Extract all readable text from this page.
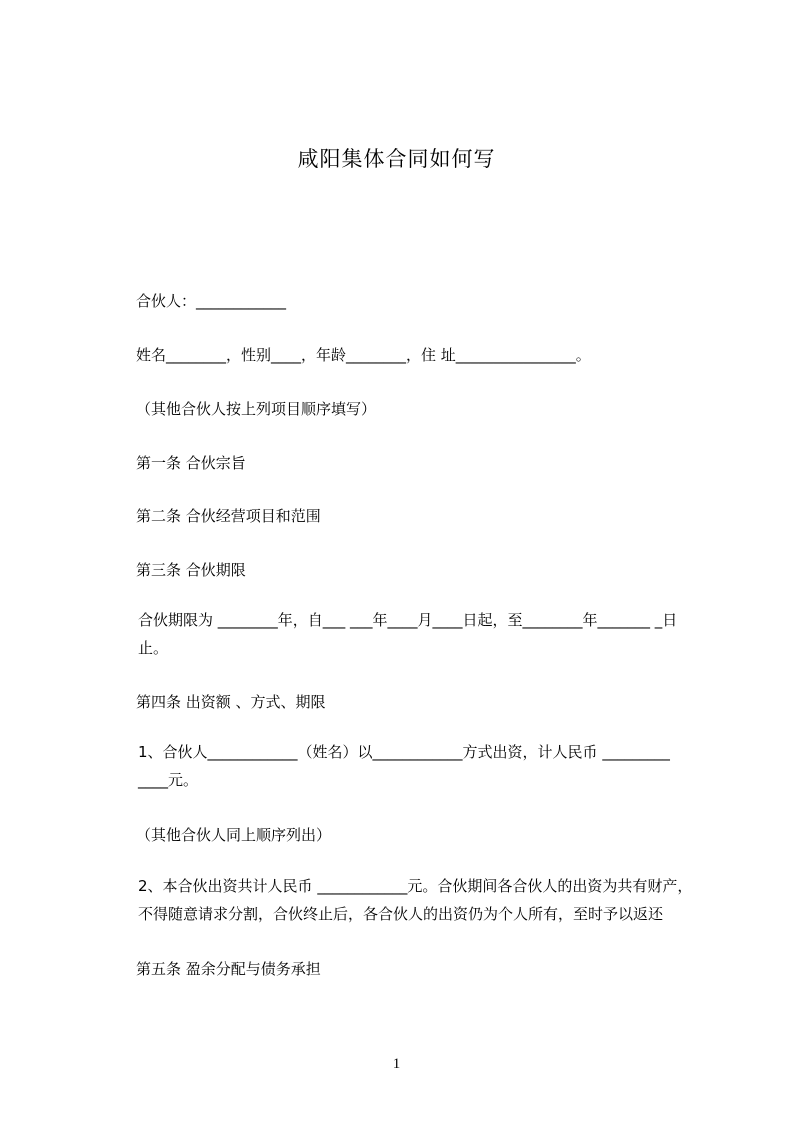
咸阳集体合同如何写
合伙人：____________
姓名________，性别____，年龄________，住 址________________。
（其他合伙人按上列项目顺序填写）
第一条 合伙宗旨
第二条 合伙经营项目和范围
第三条 合伙期限
合伙期限为 ________年，自___ ___年____月____日起，至________年_______ _日止。
第四条 出资额 、方式、期限
1、合伙人____________（姓名）以____________方式出资，计人民币 _________ ____元。
（其他合伙人同上顺序列出）
2、本合伙出资共计人民币 ____________元。合伙期间各合伙人的出资为共有财产，不得随意请求分割，合伙终止后，各合伙人的出资仍为个人所有，至时予以返还
第五条 盈余分配与债务承担
1
